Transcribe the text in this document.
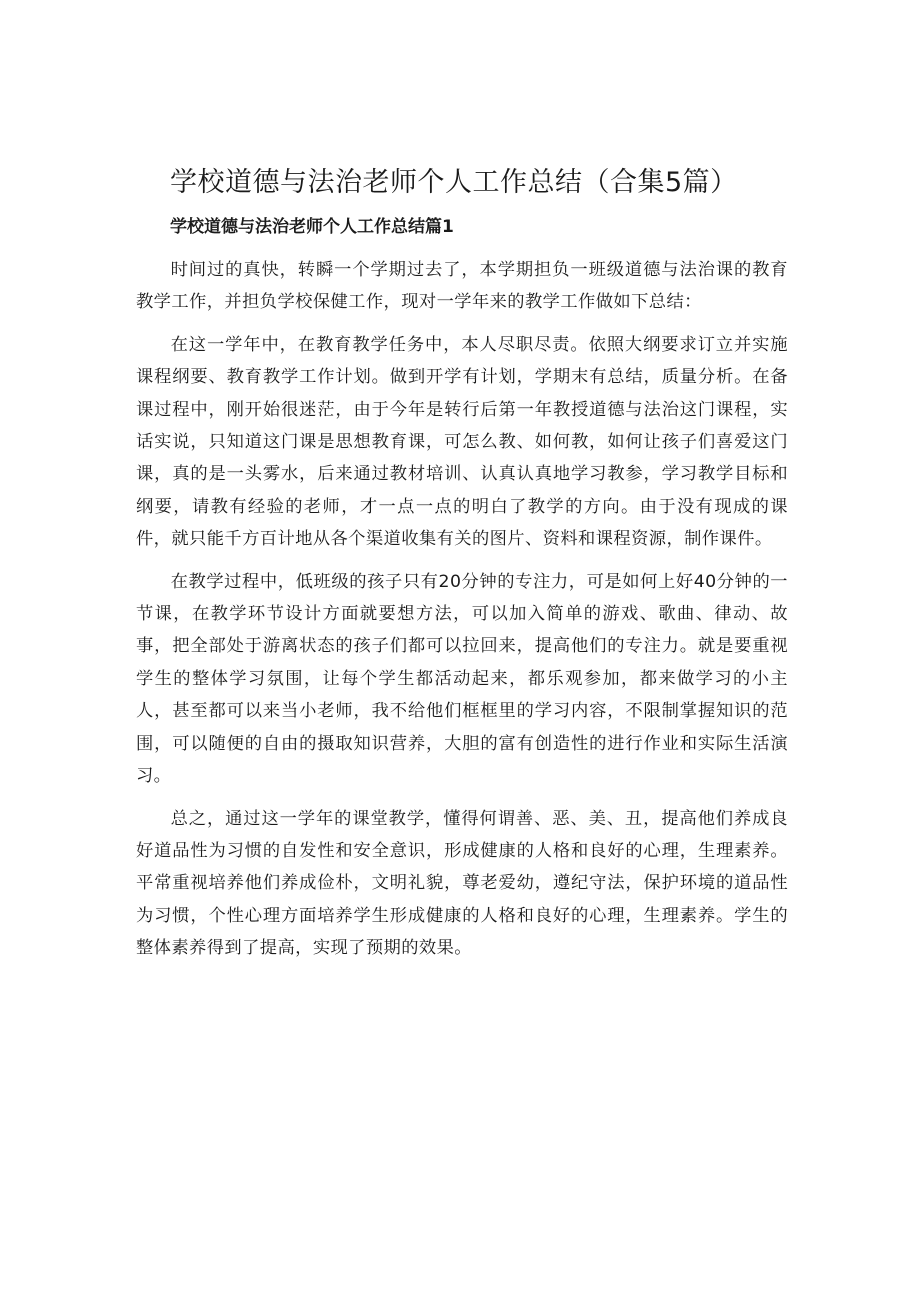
学校道德与法治老师个人工作总结（合集5篇）
学校道德与法治老师个人工作总结篇1

时间过的真快，转瞬一个学期过去了，本学期担负一班级道德与法治课的教育教学工作，并担负学校保健工作，现对一学年来的教学工作做如下总结：

在这一学年中，在教育教学任务中，本人尽职尽责。依照大纲要求订立并实施课程纲要、教育教学工作计划。做到开学有计划，学期末有总结，质量分析。在备课过程中，刚开始很迷茫，由于今年是转行后第一年教授道德与法治这门课程，实话实说，只知道这门课是思想教育课，可怎么教、如何教，如何让孩子们喜爱这门课，真的是一头雾水，后来通过教材培训、认真认真地学习教参，学习教学目标和纲要，请教有经验的老师，才一点一点的明白了教学的方向。由于没有现成的课件，就只能千方百计地从各个渠道收集有关的图片、资料和课程资源，制作课件。

在教学过程中，低班级的孩子只有20分钟的专注力，可是如何上好40分钟的一节课，在教学环节设计方面就要想方法，可以加入简单的游戏、歌曲、律动、故事，把全部处于游离状态的孩子们都可以拉回来，提高他们的专注力。就是要重视学生的整体学习氛围，让每个学生都活动起来，都乐观参加，都来做学习的小主人，甚至都可以来当小老师，我不给他们框框里的学习内容，不限制掌握知识的范围，可以随便的自由的摄取知识营养，大胆的富有创造性的进行作业和实际生活演习。

总之，通过这一学年的课堂教学，懂得何谓善、恶、美、丑，提高他们养成良好道品性为习惯的自发性和安全意识，形成健康的人格和良好的心理，生理素养。平常重视培养他们养成俭朴，文明礼貌，尊老爱幼，遵纪守法，保护环境的道品性为习惯，个性心理方面培养学生形成健康的人格和良好的心理，生理素养。学生的整体素养得到了提高，实现了预期的效果。
